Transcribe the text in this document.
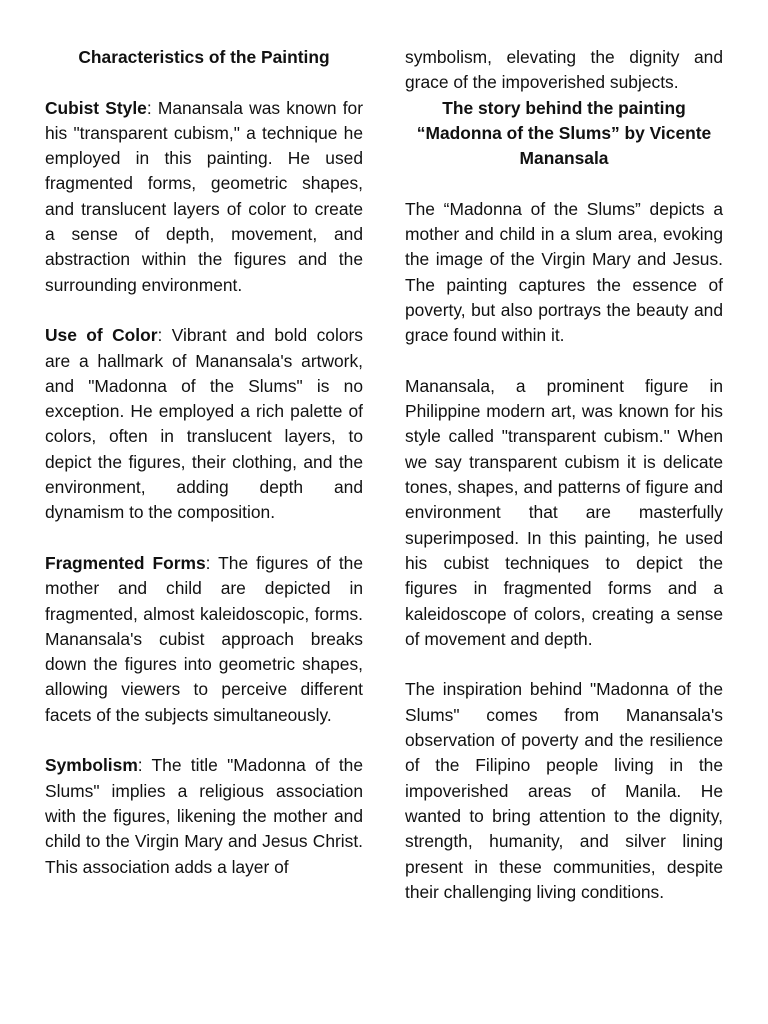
Characteristics of the Painting

Cubist Style: Manansala was known for his "transparent cubism," a technique he employed in this painting. He used fragmented forms, geometric shapes, and translucent layers of color to create a sense of depth, movement, and abstraction within the figures and the surrounding environment.

Use of Color: Vibrant and bold colors are a hallmark of Manansala's artwork, and "Madonna of the Slums" is no exception. He employed a rich palette of colors, often in translucent layers, to depict the figures, their clothing, and the environment, adding depth and dynamism to the composition.

Fragmented Forms: The figures of the mother and child are depicted in fragmented, almost kaleidoscopic, forms. Manansala's cubist approach breaks down the figures into geometric shapes, allowing viewers to perceive different facets of the subjects simultaneously.

Symbolism: The title "Madonna of the Slums" implies a religious association with the figures, likening the mother and child to the Virgin Mary and Jesus Christ. This association adds a layer of

symbolism, elevating the dignity and grace of the impoverished subjects.

The story behind the painting “Madonna of the Slums” by Vicente Manansala

The “Madonna of the Slums” depicts a mother and child in a slum area, evoking the image of the Virgin Mary and Jesus. The painting captures the essence of poverty, but also portrays the beauty and grace found within it.

Manansala, a prominent figure in Philippine modern art, was known for his style called "transparent cubism." When we say transparent cubism it is delicate tones, shapes, and patterns of figure and environment that are masterfully superimposed. In this painting, he used his cubist techniques to depict the figures in fragmented forms and a kaleidoscope of colors, creating a sense of movement and depth.

The inspiration behind "Madonna of the Slums" comes from Manansala's observation of poverty and the resilience of the Filipino people living in the impoverished areas of Manila. He wanted to bring attention to the dignity, strength, humanity, and silver lining present in these communities, despite their challenging living conditions.
